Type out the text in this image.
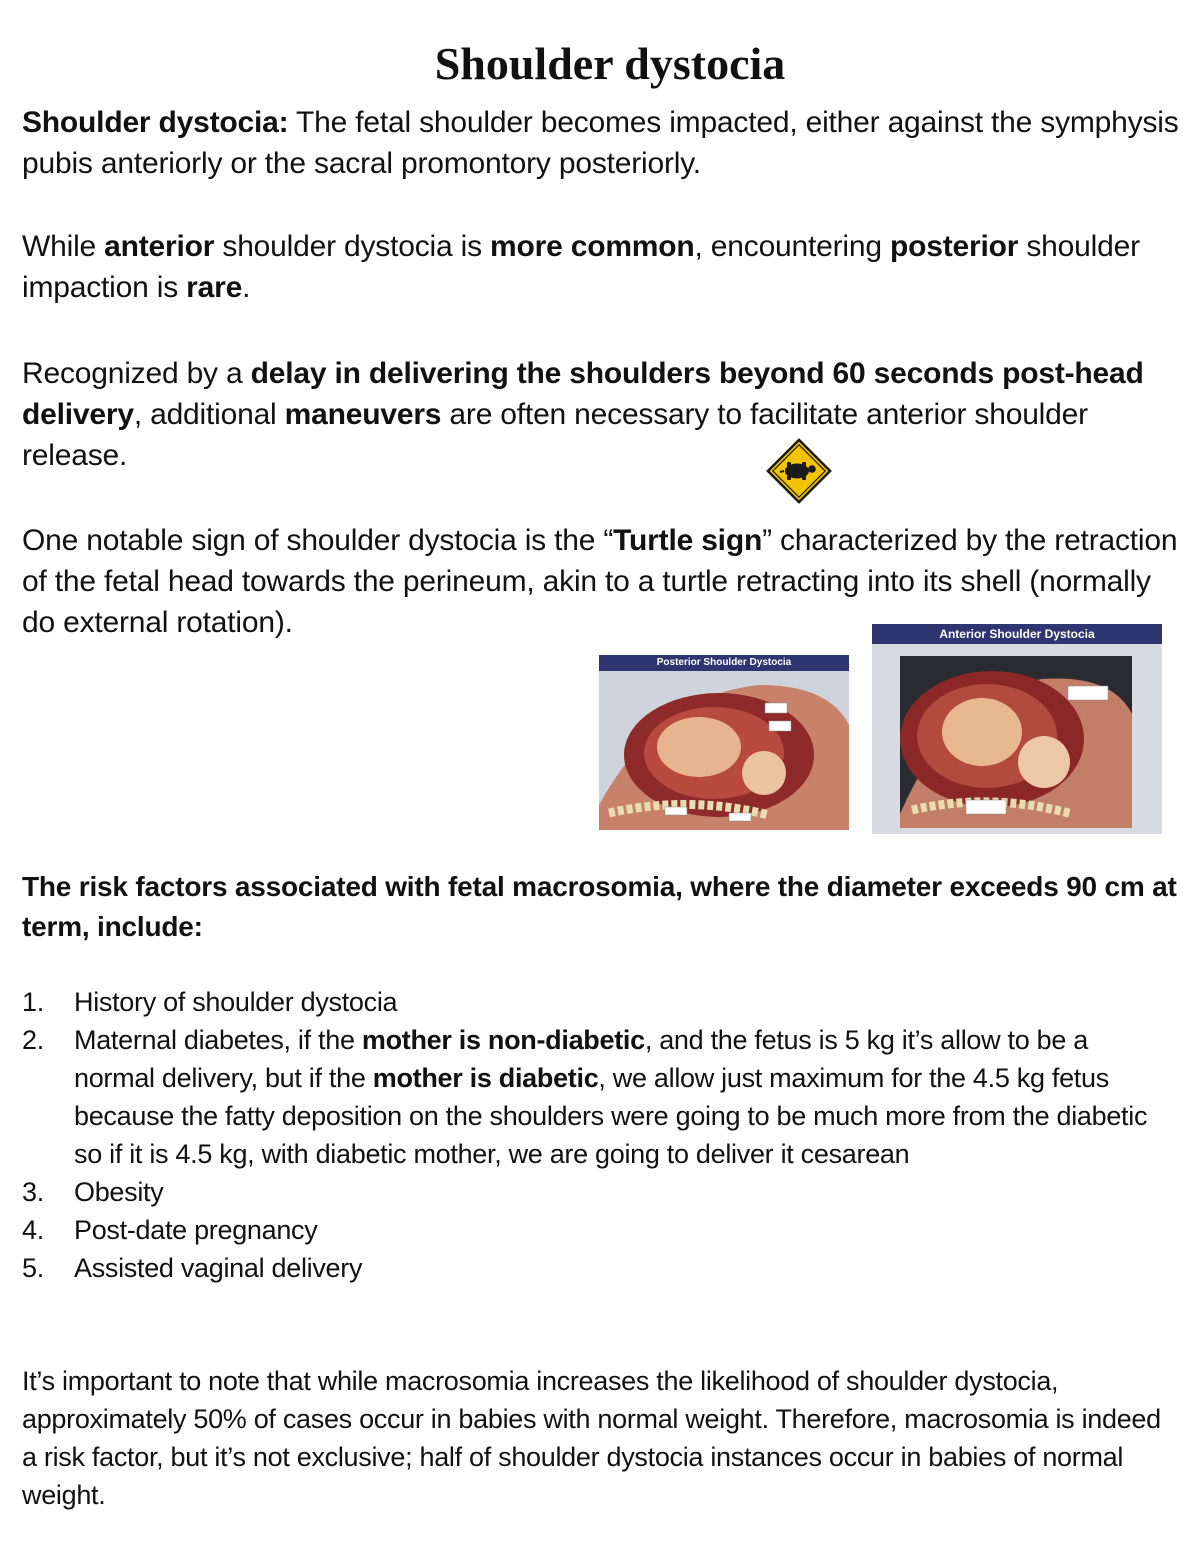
Shoulder dystocia

Shoulder dystocia: The fetal shoulder becomes impacted, either against the symphysis pubis anteriorly or the sacral promontory posteriorly.

While anterior shoulder dystocia is more common, encountering posterior shoulder impaction is rare.

Recognized by a delay in delivering the shoulders beyond 60 seconds post-head delivery, additional maneuvers are often necessary to facilitate anterior shoulder release.

One notable sign of shoulder dystocia is the “Turtle sign” characterized by the retraction of the fetal head towards the perineum, akin to a turtle retracting into its shell (normally do external rotation).

Posterior Shoulder Dystocia
Anterior Shoulder Dystocia

The risk factors associated with fetal macrosomia, where the diameter exceeds 90 cm at term, include:

1. History of shoulder dystocia
2. Maternal diabetes, if the mother is non-diabetic, and the fetus is 5 kg it’s allow to be a normal delivery, but if the mother is diabetic, we allow just maximum for the 4.5 kg fetus because the fatty deposition on the shoulders were going to be much more from the diabetic so if it is 4.5 kg, with diabetic mother, we are going to deliver it cesarean
3. Obesity
4. Post-date pregnancy
5. Assisted vaginal delivery

It’s important to note that while macrosomia increases the likelihood of shoulder dystocia, approximately 50% of cases occur in babies with normal weight. Therefore, macrosomia is indeed a risk factor, but it’s not exclusive; half of shoulder dystocia instances occur in babies of normal weight.
